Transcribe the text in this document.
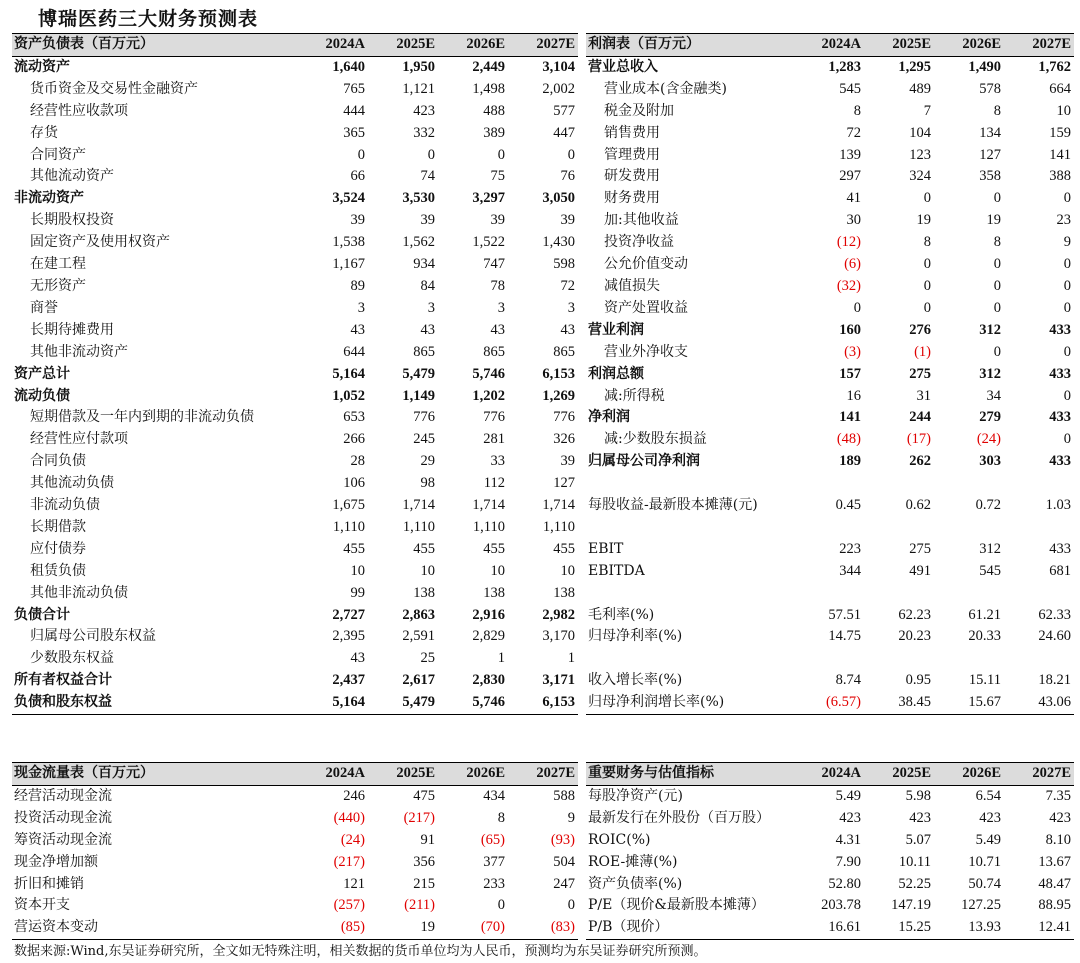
博瑞医药三大财务预测表
资产负债表（百万元）	2024A	2025E	2026E	2027E
流动资产	1,640	1,950	2,449	3,104
货币资金及交易性金融资产	765	1,121	1,498	2,002
经营性应收款项	444	423	488	577
存货	365	332	389	447
合同资产	0	0	0	0
其他流动资产	66	74	75	76
非流动资产	3,524	3,530	3,297	3,050
长期股权投资	39	39	39	39
固定资产及使用权资产	1,538	1,562	1,522	1,430
在建工程	1,167	934	747	598
无形资产	89	84	78	72
商誉	3	3	3	3
长期待摊费用	43	43	43	43
其他非流动资产	644	865	865	865
资产总计	5,164	5,479	5,746	6,153
流动负债	1,052	1,149	1,202	1,269
短期借款及一年内到期的非流动负债	653	776	776	776
经营性应付款项	266	245	281	326
合同负债	28	29	33	39
其他流动负债	106	98	112	127
非流动负债	1,675	1,714	1,714	1,714
长期借款	1,110	1,110	1,110	1,110
应付债券	455	455	455	455
租赁负债	10	10	10	10
其他非流动负债	99	138	138	138
负债合计	2,727	2,863	2,916	2,982
归属母公司股东权益	2,395	2,591	2,829	3,170
少数股东权益	43	25	1	1
所有者权益合计	2,437	2,617	2,830	3,171
负债和股东权益	5,164	5,479	5,746	6,153
利润表（百万元）	2024A	2025E	2026E	2027E
营业总收入	1,283	1,295	1,490	1,762
营业成本(含金融类)	545	489	578	664
税金及附加	8	7	8	10
销售费用	72	104	134	159
管理费用	139	123	127	141
研发费用	297	324	358	388
财务费用	41	0	0	0
加:其他收益	30	19	19	23
投资净收益	(12)	8	8	9
公允价值变动	(6)	0	0	0
减值损失	(32)	0	0	0
资产处置收益	0	0	0	0
营业利润	160	276	312	433
营业外净收支	(3)	(1)	0	0
利润总额	157	275	312	433
减:所得税	16	31	34	0
净利润	141	244	279	433
减:少数股东损益	(48)	(17)	(24)	0
归属母公司净利润	189	262	303	433

每股收益-最新股本摊薄(元)	0.45	0.62	0.72	1.03

EBIT	223	275	312	433
EBITDA	344	491	545	681

毛利率(%)	57.51	62.23	61.21	62.33
归母净利率(%)	14.75	20.23	20.33	24.60

收入增长率(%)	8.74	0.95	15.11	18.21
归母净利润增长率(%)	(6.57)	38.45	15.67	43.06
现金流量表（百万元）	2024A	2025E	2026E	2027E
经营活动现金流	246	475	434	588
投资活动现金流	(440)	(217)	8	9
筹资活动现金流	(24)	91	(65)	(93)
现金净增加额	(217)	356	377	504
折旧和摊销	121	215	233	247
资本开支	(257)	(211)	0	0
营运资本变动	(85)	19	(70)	(83)
重要财务与估值指标	2024A	2025E	2026E	2027E
每股净资产(元)	5.49	5.98	6.54	7.35
最新发行在外股份（百万股）	423	423	423	423
ROIC(%)	4.31	5.07	5.49	8.10
ROE-摊薄(%)	7.90	10.11	10.71	13.67
资产负债率(%)	52.80	52.25	50.74	48.47
P/E（现价&最新股本摊薄）	203.78	147.19	127.25	88.95
P/B（现价）	16.61	15.25	13.93	12.41
数据来源:Wind,东吴证券研究所，全文如无特殊注明，相关数据的货币单位均为人民币，预测均为东吴证券研究所预测。
